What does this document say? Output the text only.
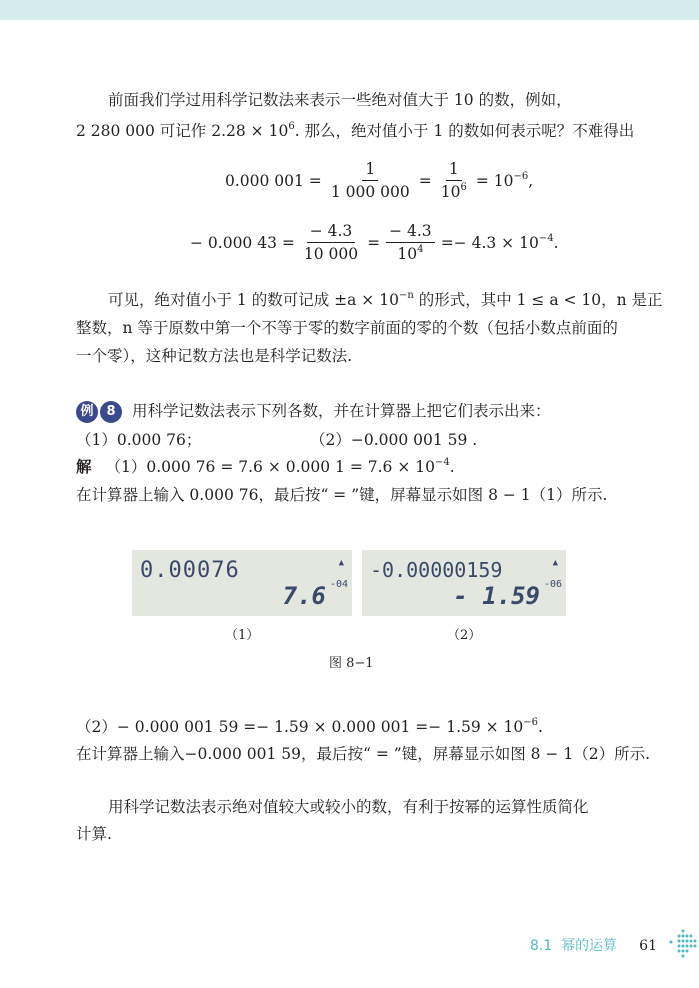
前面我们学过用科学记数法来表示一些绝对值大于 10 的数，例如，
2 280 000 可记作 $2.28 \times 10^6$. 那么，绝对值小于 1 的数如何表示呢？不难得出
0.000 $001 = \frac{1}{1 000 000} = \frac{1}{10^6} = 10^{-6}$,
− 0.000 $43 = \frac{- 4.3}{10 000} = \frac{- 4.3}{10^4} =- 4.3 \times 10^{-4}$.
可见，绝对值小于 1 的数可记成 $\pm a \times 10^{-n}$ 的形式，其中 1 ≤ a < 10，n 是正
整数，n 等于原数中第一个不等于零的数字前面的零的个数（包括小数点前面的
一个零），这种记数方法也是科学记数法.
例 8	用科学记数法表示下列各数，并在计算器上把它们表示出来：
（1）0.000 76；	（2）−0.000 001 59 .
解 （1）0.000 76 = 7.6 × 0.000 $1 = 7.6 \times 10^{-4}$.
在计算器上输入 0.000 76，最后按“ = ”键，屏幕显示如图 8 − 1（1）所示.
0.00076	▲
7.6 -04
-0.00000159	▲
- 1.59 -06
（1）	（2）
图 8−1
（2）− 0.000 001 59 =− 1.59 × 0.000 $001 =- 1.59 \times 10^{-6}$.
在计算器上输入−0.000 001 59，最后按“ = ”键，屏幕显示如图 8 − 1（2）所示.
用科学记数法表示绝对值较大或较小的数，有利于按幂的运算性质简化
计算.
8.1  幂的运算 61
